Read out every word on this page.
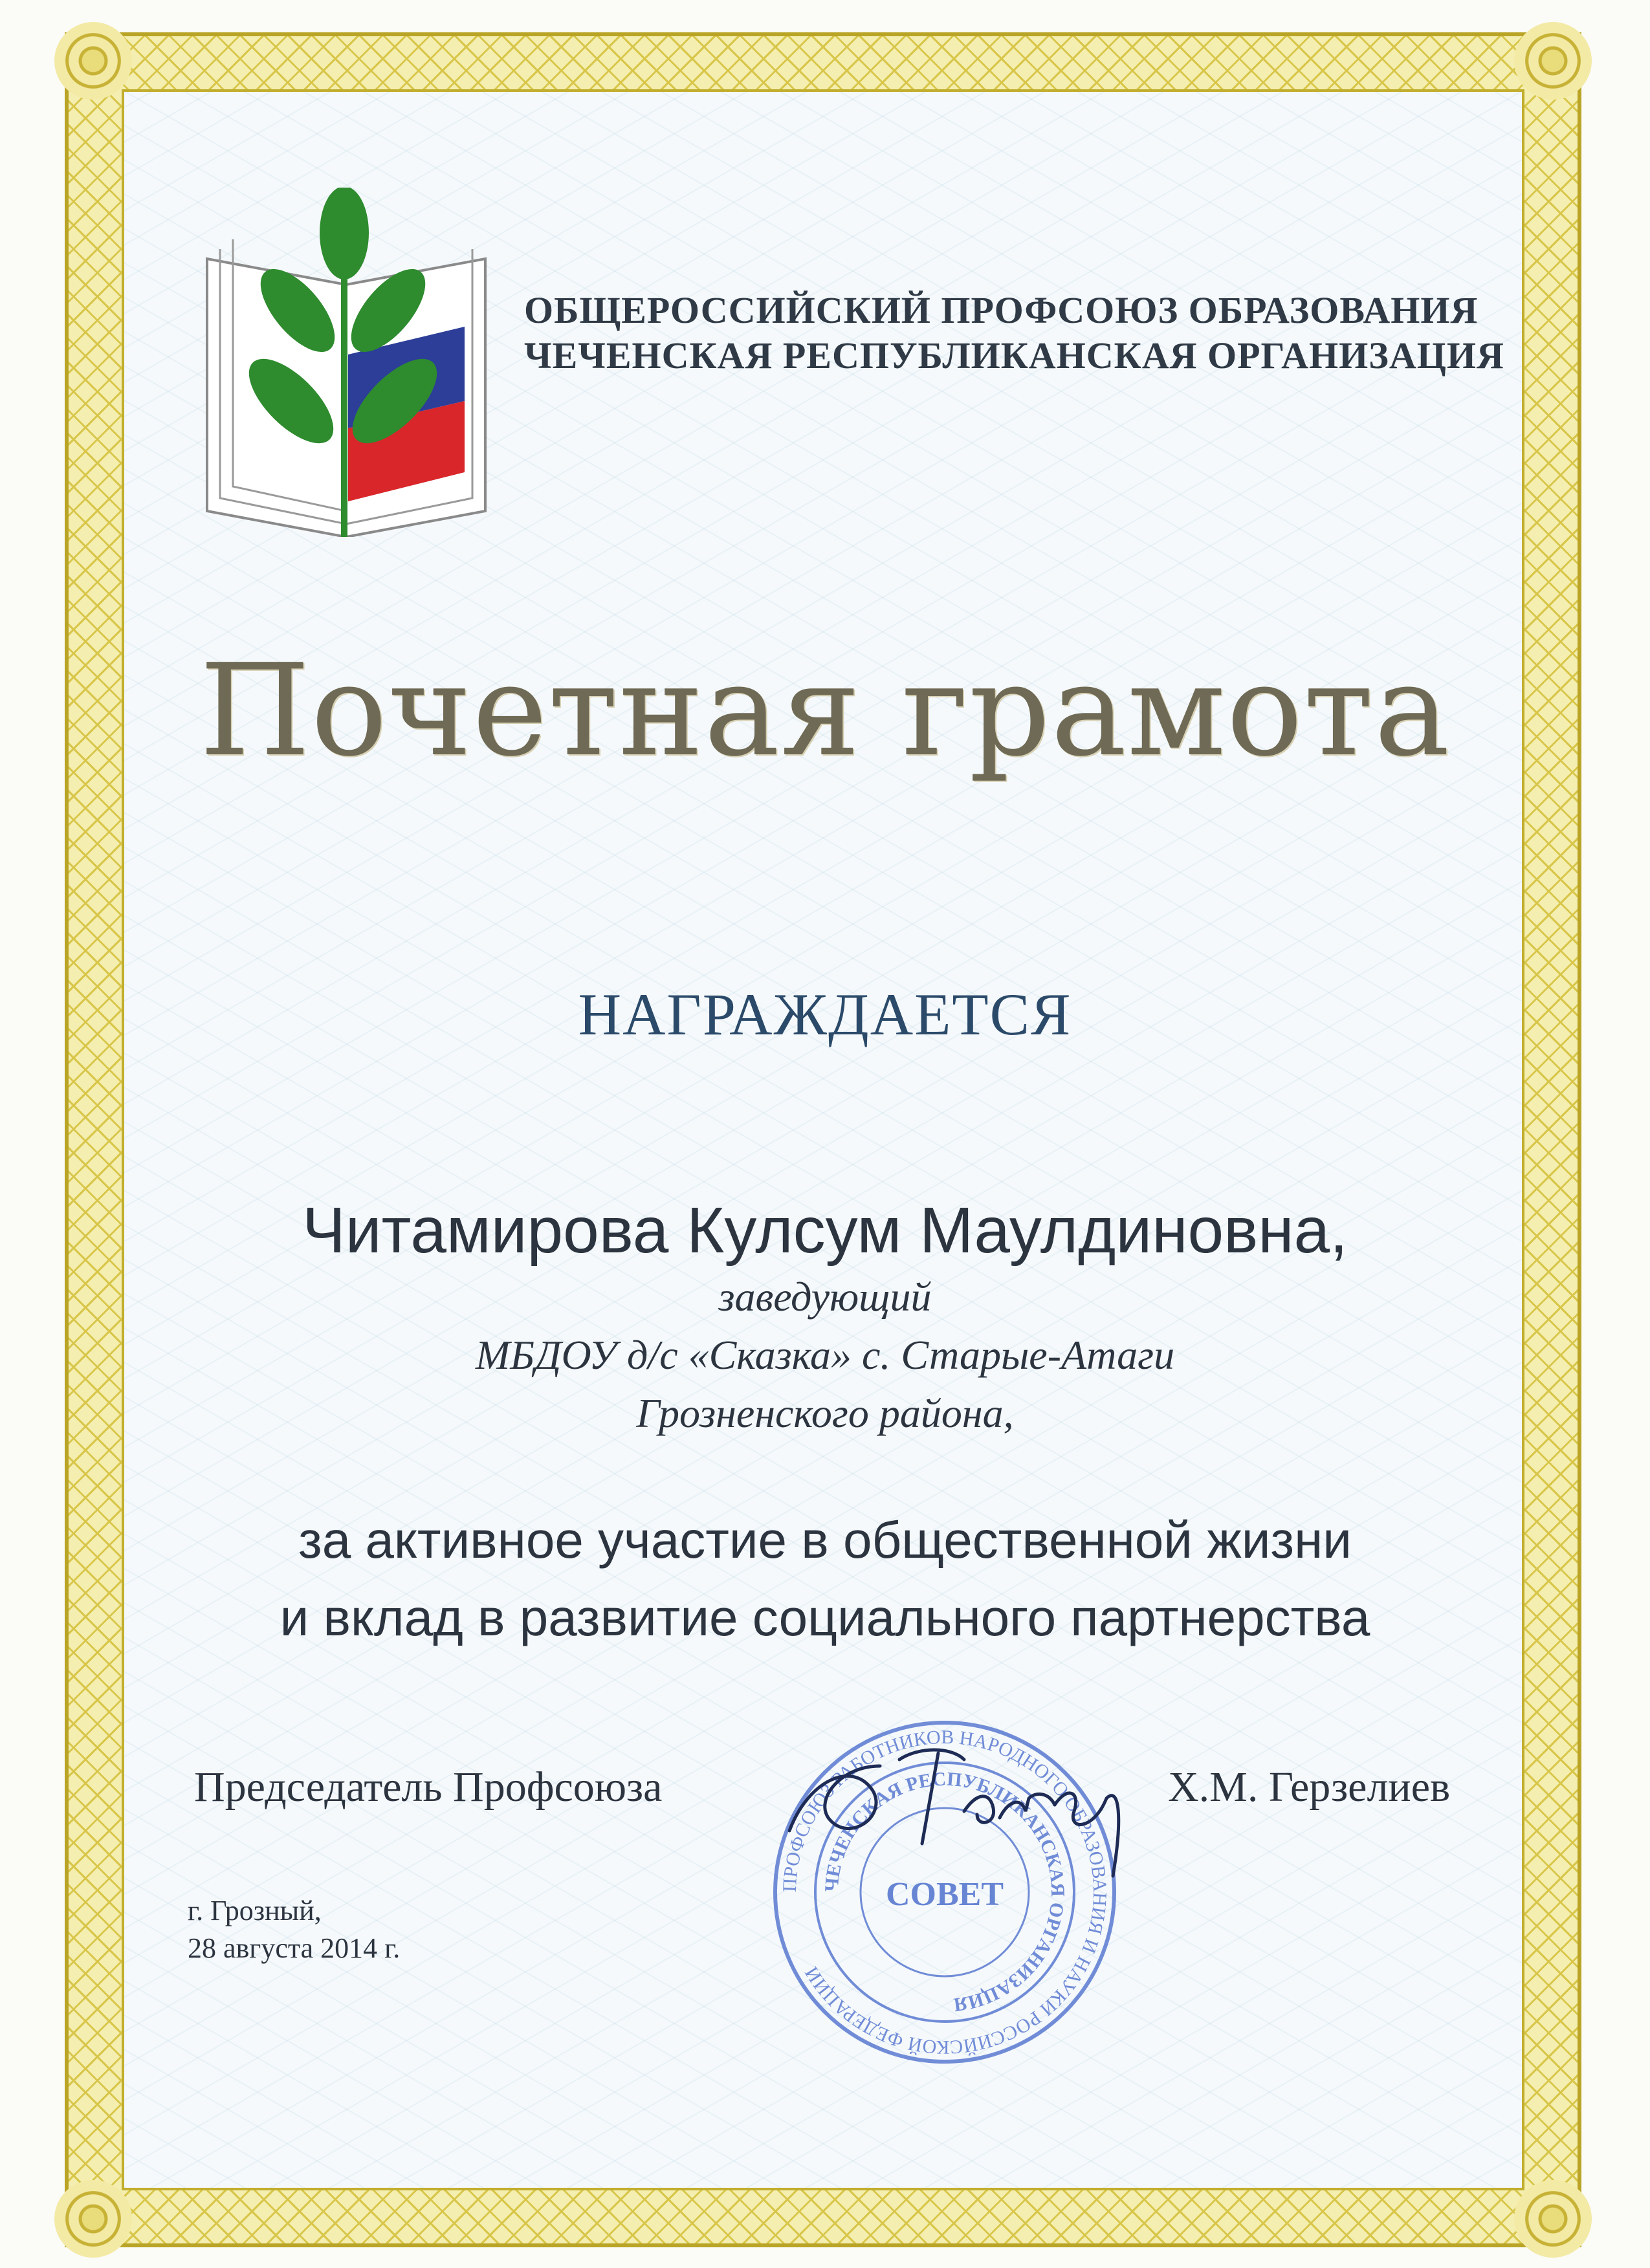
ОБЩЕРОССИЙСКИЙ ПРОФСОЮЗ ОБРАЗОВАНИЯ
ЧЕЧЕНСКАЯ РЕСПУБЛИКАНСКАЯ ОРГАНИЗАЦИЯ
Почетная грамота
НАГРАЖДАЕТСЯ
Читамирова Кулсум Маулдиновна,
заведующий
МБДОУ д/с «Сказка» с. Старые-Атаги
Грозненского района,
за активное участие в общественной жизни
и вклад в развитие социального партнерства
Председатель Профсоюза	Х.М. Герзелиев
ПРОФСОЮЗ РАБОТНИКОВ НАРОДНОГО ОБРАЗОВАНИЯ И НАУКИ РОССИЙСКОЙ ФЕДЕРАЦИИ
ЧЕЧЕНСКАЯ РЕСПУБЛИКАНСКАЯ ОРГАНИЗАЦИЯ
СОВЕТ
г. Грозный,
28 августа 2014 г.
